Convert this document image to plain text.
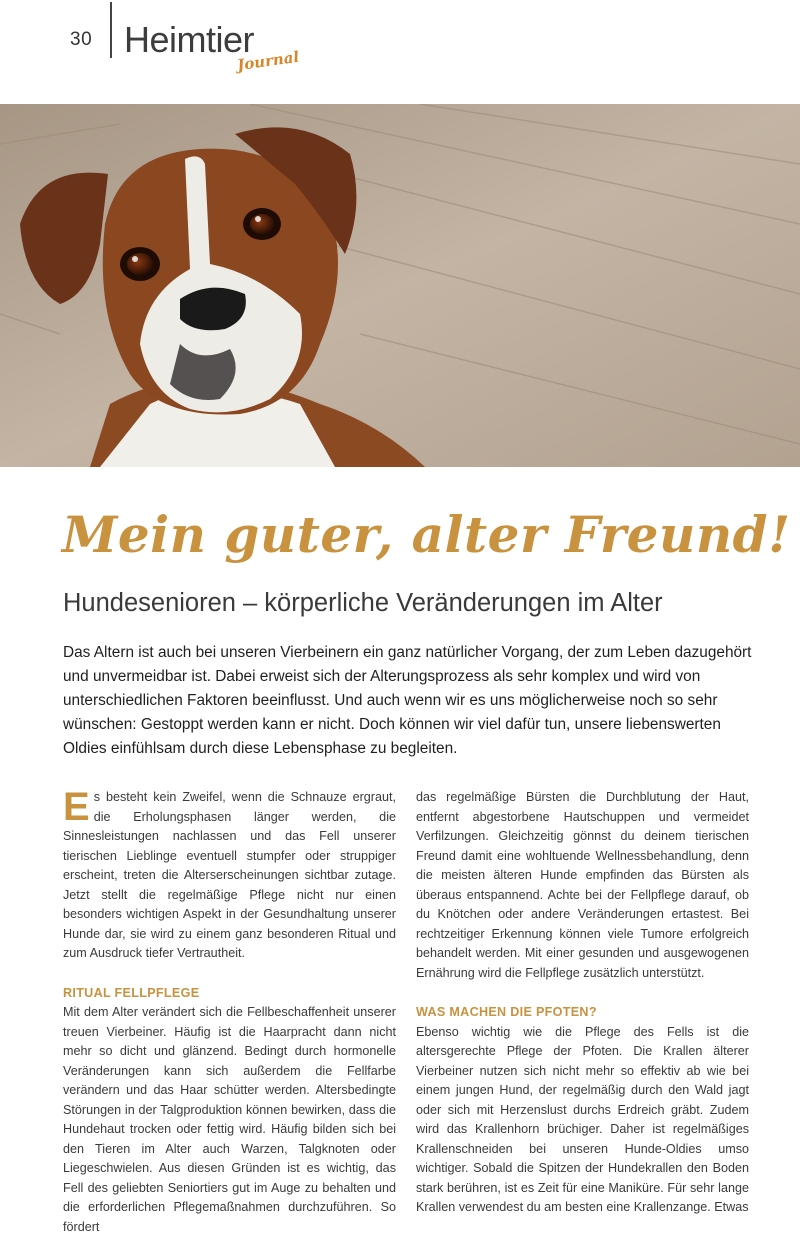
30 Heimtier
Journal
Mein guter, alter Freund!
Hundesenioren – körperliche Veränderungen im Alter
Das Altern ist auch bei unseren Vierbeinern ein ganz natürlicher Vorgang, der zum Leben dazugehört und unvermeidbar ist. Dabei erweist sich der Alterungsprozess als sehr komplex und wird von unterschiedlichen Faktoren beeinflusst. Und auch wenn wir es uns möglicherweise noch so sehr wünschen: Gestoppt werden kann er nicht. Doch können wir viel dafür tun, unsere liebenswerten Oldies einfühlsam durch diese Lebensphase zu begleiten.

Es besteht kein Zweifel, wenn die Schnauze ergraut, die Erholungsphasen länger werden, die Sinnesleistungen nachlassen und das Fell unserer tierischen Lieblinge eventuell stumpfer oder struppiger erscheint, treten die Alterserscheinungen sichtbar zutage. Jetzt stellt die regelmäßige Pflege nicht nur einen besonders wichtigen Aspekt in der Gesundhaltung unserer Hunde dar, sie wird zu einem ganz besonderen Ritual und zum Ausdruck tiefer Vertrautheit.

RITUAL FELLPFLEGE

Mit dem Alter verändert sich die Fellbeschaffenheit unserer treuen Vierbeiner. Häufig ist die Haarpracht dann nicht mehr so dicht und glänzend. Bedingt durch hormonelle Veränderungen kann sich außerdem die Fellfarbe verändern und das Haar schütter werden. Altersbedingte Störungen in der Talgproduktion können bewirken, dass die Hundehaut trocken oder fettig wird. Häufig bilden sich bei den Tieren im Alter auch Warzen, Talgknoten oder Liegeschwielen. Aus diesen Gründen ist es wichtig, das Fell des geliebten Seniortiers gut im Auge zu behalten und die erforderlichen Pflegemaßnahmen durchzuführen. So fördert

das regelmäßige Bürsten die Durchblutung der Haut, entfernt abgestorbene Hautschuppen und vermeidet Verfilzungen. Gleichzeitig gönnst du deinem tierischen Freund damit eine wohltuende Wellnessbehandlung, denn die meisten älteren Hunde empfinden das Bürsten als überaus entspannend. Achte bei der Fellpflege darauf, ob du Knötchen oder andere Veränderungen ertastest. Bei rechtzeitiger Erkennung können viele Tumore erfolgreich behandelt werden. Mit einer gesunden und ausgewogenen Ernährung wird die Fellpflege zusätzlich unterstützt.

WAS MACHEN DIE PFOTEN?

Ebenso wichtig wie die Pflege des Fells ist die altersgerechte Pflege der Pfoten. Die Krallen älterer Vierbeiner nutzen sich nicht mehr so effektiv ab wie bei einem jungen Hund, der regelmäßig durch den Wald jagt oder sich mit Herzenslust durchs Erdreich gräbt. Zudem wird das Krallenhorn brüchiger. Daher ist regelmäßiges Krallenschneiden bei unseren Hunde-Oldies umso wichtiger. Sobald die Spitzen der Hundekrallen den Boden stark berühren, ist es Zeit für eine Maniküre. Für sehr lange Krallen verwendest du am besten eine Krallenzange. Etwas
